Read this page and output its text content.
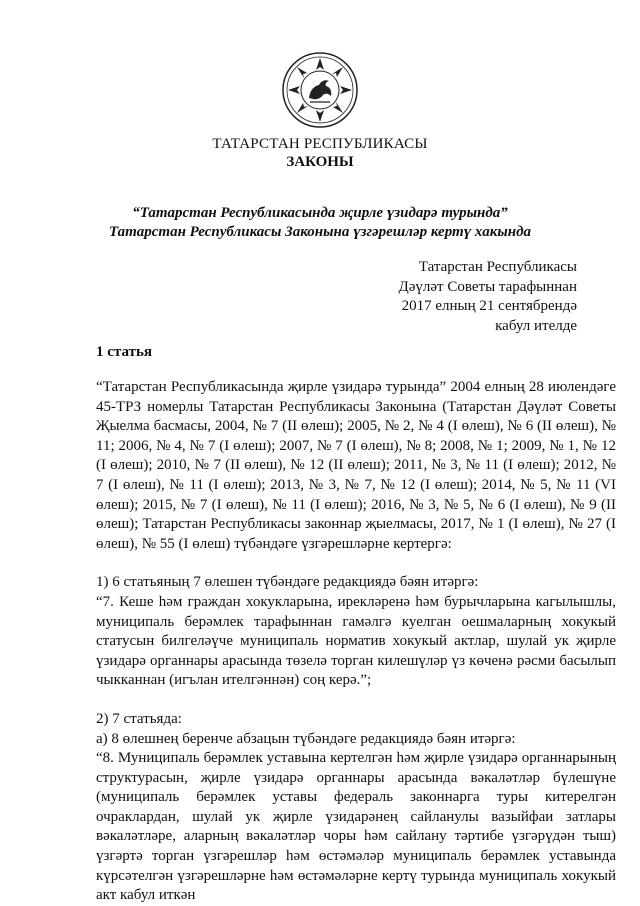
ТАТАРСТАН РЕСПУБЛИКАСЫ
ЗАКОНЫ
“Татарстан Республикасында җирле үзидарә турында”
Татарстан Республикасы Законына үзгәрешләр кертү хакында
Татарстан Республикасы
Дәүләт Советы тарафыннан
2017 елның 21 сентябрендә
кабул ителде
1 статья

“Татарстан Республикасында җирле үзидарә турында” 2004 елның 28 июлендәге 45-ТРЗ номерлы Татарстан Республикасы Законына (Татарстан Дәүләт Советы Җыелма басмасы, 2004, № 7 (II өлеш); 2005, № 2, № 4 (I өлеш), № 6 (II өлеш), № 11; 2006, № 4, № 7 (I өлеш); 2007, № 7 (I өлеш), № 8; 2008, № 1; 2009, № 1, № 12 (I өлеш); 2010, № 7 (II өлеш), № 12 (II өлеш); 2011, № 3, № 11 (I өлеш); 2012, № 7 (I өлеш), № 11 (I өлеш); 2013, № 3, № 7, № 12 (I өлеш); 2014, № 5, № 11 (VI өлеш); 2015, № 7 (I өлеш), № 11 (I өлеш); 2016, № 3, № 5, № 6 (I өлеш), № 9 (II өлеш); Татарстан Республикасы законнар җыелмасы, 2017, № 1 (I өлеш), № 27 (I өлеш), № 55 (I өлеш) түбәндәге үзгәрешләрне кертергә:

1) 6 статьяның 7 өлешен түбәндәге редакциядә бәян итәргә:

“7. Кеше һәм граждан хокукларына, ирекләренә һәм бурычларына кагылышлы, муниципаль берәмлек тарафыннан гамәлгә куелган оешмаларның хокукый статусын билгеләүче муниципаль норматив хокукый актлар, шулай ук җирле үзидарә органнары арасында төзелә торган килешүләр үз көченә рәсми басылып чыкканнан (игълан ителгәннән) соң керә.”;

2) 7 статьяда:

а) 8 өлешнең беренче абзацын түбәндәге редакциядә бәян итәргә:

“8. Муниципаль берәмлек уставына кертелгән һәм җирле үзидарә органнарының структурасын, җирле үзидарә органнары арасында вәкаләтләр бүлешүне (муниципаль берәмлек уставы федераль законнарга туры китерелгән очраклардан, шулай ук җирле үзидарәнең сайланулы вазыйфаи затлары вәкаләтләре, аларның вәкаләтләр чоры һәм сайлану тәртибе үзгәрүдән тыш) үзгәртә торган үзгәрешләр һәм өстәмәләр муниципаль берәмлек уставында күрсәтелгән үзгәрешләрне һәм өстәмәләрне кертү турында муниципаль хокукый акт кабул иткән
